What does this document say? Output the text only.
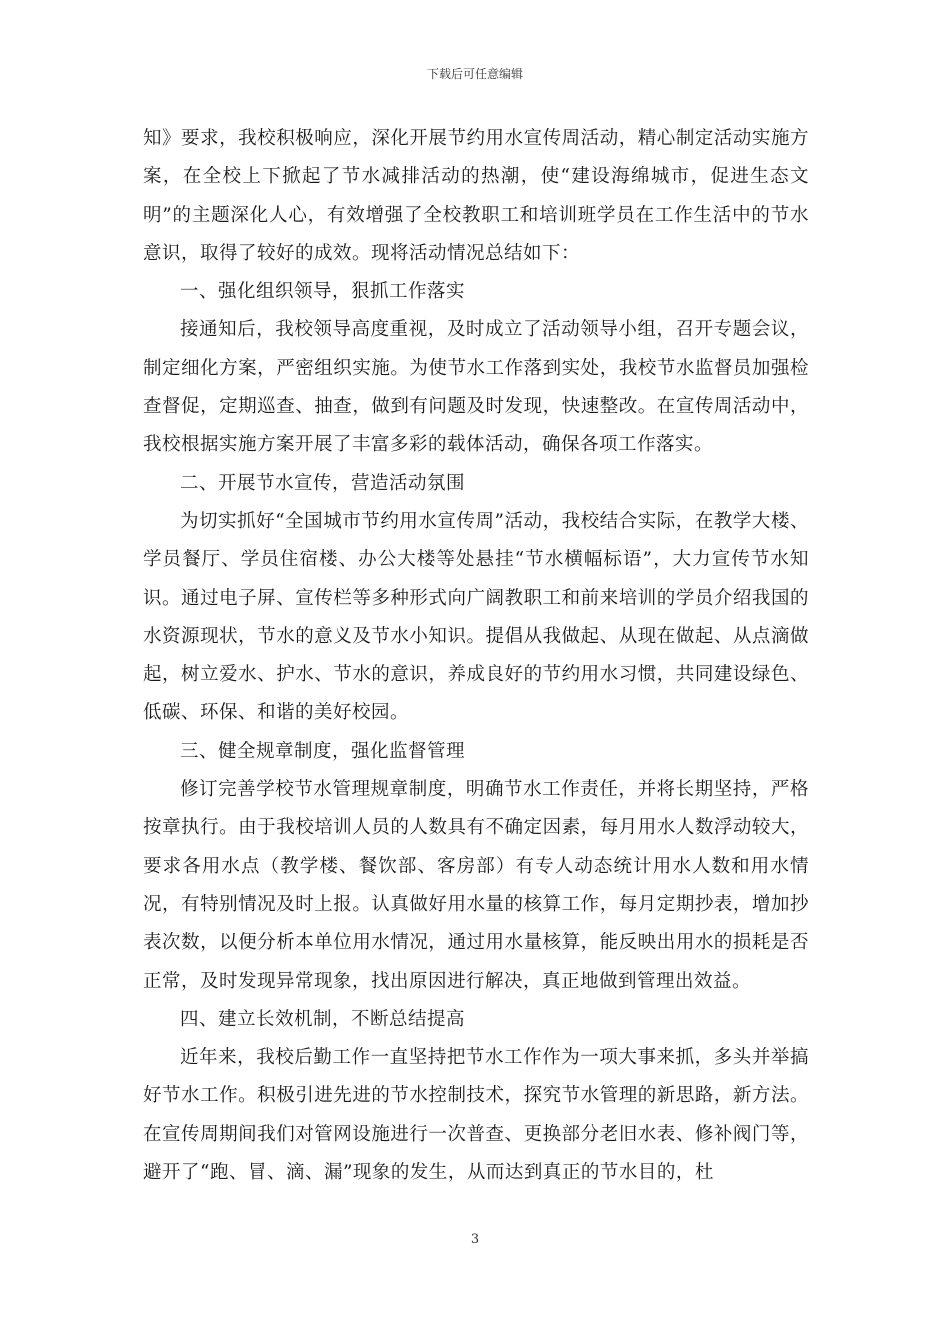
下载后可任意编辑

知》要求，我校积极响应，深化开展节约用水宣传周活动，精心制定活动实施方案，在全校上下掀起了节水减排活动的热潮，使“建设海绵城市，促进生态文明”的主题深化人心，有效增强了全校教职工和培训班学员在工作生活中的节水意识，取得了较好的成效。现将活动情况总结如下：

一、强化组织领导，狠抓工作落实

接通知后，我校领导高度重视，及时成立了活动领导小组，召开专题会议，制定细化方案，严密组织实施。为使节水工作落到实处，我校节水监督员加强检查督促，定期巡查、抽查，做到有问题及时发现，快速整改。在宣传周活动中，我校根据实施方案开展了丰富多彩的载体活动，确保各项工作落实。

二、开展节水宣传，营造活动氛围

为切实抓好“全国城市节约用水宣传周”活动，我校结合实际，在教学大楼、学员餐厅、学员住宿楼、办公大楼等处悬挂“节水横幅标语”，大力宣传节水知识。通过电子屏、宣传栏等多种形式向广阔教职工和前来培训的学员介绍我国的水资源现状，节水的意义及节水小知识。提倡从我做起、从现在做起、从点滴做起，树立爱水、护水、节水的意识，养成良好的节约用水习惯，共同建设绿色、低碳、环保、和谐的美好校园。

三、健全规章制度，强化监督管理

修订完善学校节水管理规章制度，明确节水工作责任，并将长期坚持，严格按章执行。由于我校培训人员的人数具有不确定因素，每月用水人数浮动较大，要求各用水点（教学楼、餐饮部、客房部）有专人动态统计用水人数和用水情况，有特别情况及时上报。认真做好用水量的核算工作，每月定期抄表，增加抄表次数，以便分析本单位用水情况，通过用水量核算，能反映出用水的损耗是否正常，及时发现异常现象，找出原因进行解决，真正地做到管理出效益。

四、建立长效机制，不断总结提高

近年来，我校后勤工作一直坚持把节水工作作为一项大事来抓，多头并举搞好节水工作。积极引进先进的节水控制技术，探究节水管理的新思路，新方法。在宣传周期间我们对管网设施进行一次普查、更换部分老旧水表、修补阀门等，避开了“跑、冒、滴、漏”现象的发生，从而达到真正的节水目的，杜

3
